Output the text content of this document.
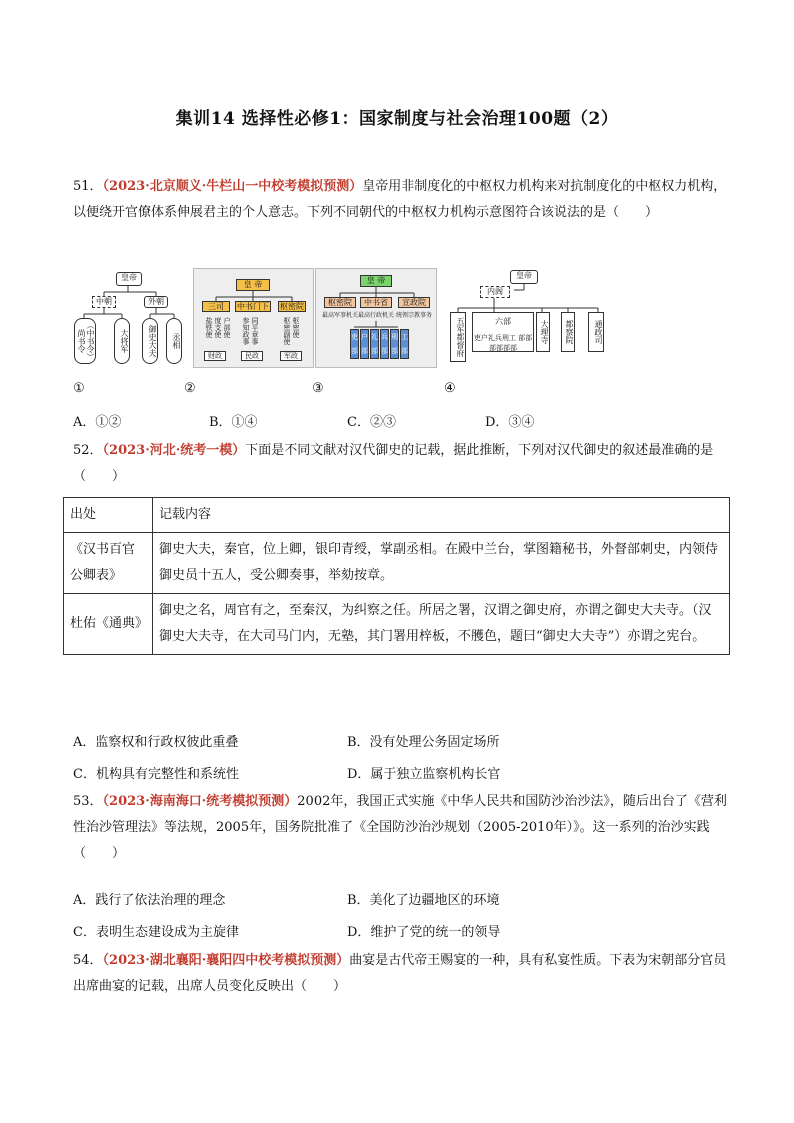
集训14 选择性必修1：国家制度与社会治理100题（2）
51．（2023·北京顺义·牛栏山一中校考模拟预测）皇帝用非制度化的中枢权力机构来对抗制度化的中枢权力机构，以便绕开官僚体系伸展君主的个人意志。下列不同朝代的中枢权力机构示意图符合该说法的是（　　）
皇帝
中朝	外朝
（中书令）尚书令	大将军	御史大夫	丞相
皇 帝
三司	中书门下 枢密院
户部使 度支使 盐铁使	同平章事 参知政事	枢密使 枢密副使
财政	民政	军政
皇 帝
枢密院	中书省	宣政院
最高军事机关 最高行政机关 统领宗教事务
吏
部
户
部
礼
部
兵
部
刑
部
工
部
皇帝
内阁
五军都督府	六部
吏户礼兵刑工 部部部部部部
大理寺	都察院	通政司
①	②	③	④
A．①②	B．①④	C．②③	D．③④
52．（2023·河北·统考一模）下面是不同文献对汉代御史的记载，据此推断，下列对汉代御史的叙述最准确的是（　　）
出处	记载内容
《汉书百官公卿表》	御史大夫，秦官，位上卿，银印青绶，掌副丞相。在殿中兰台，掌图籍秘书，外督部刺史，内领侍御史员十五人，受公卿奏事，举劾按章。
杜佑《通典》	御史之名，周官有之，至秦汉，为纠察之任。所居之署，汉谓之御史府，亦谓之御史大夫寺。（汉御史大夫寺，在大司马门内，无塾，其门署用梓板，不雘色，题曰“御史大夫寺”）亦谓之宪台。
A．监察权和行政权彼此重叠	B．没有处理公务固定场所
C．机构具有完整性和系统性	D．属于独立监察机构长官
53．（2023·海南海口·统考模拟预测）2002年，我国正式实施《中华人民共和国防沙治沙法》，随后出台了《营利性治沙管理法》等法规，2005年，国务院批准了《全国防沙治沙规划（2005-2010年）》。这一系列的治沙实践（　　）
A．践行了依法治理的理念	B．美化了边疆地区的环境
C．表明生态建设成为主旋律	D．维护了党的统一的领导
54．（2023·湖北襄阳·襄阳四中校考模拟预测）曲宴是古代帝王赐宴的一种，具有私宴性质。下表为宋朝部分官员出席曲宴的记载，出席人员变化反映出（　　）
